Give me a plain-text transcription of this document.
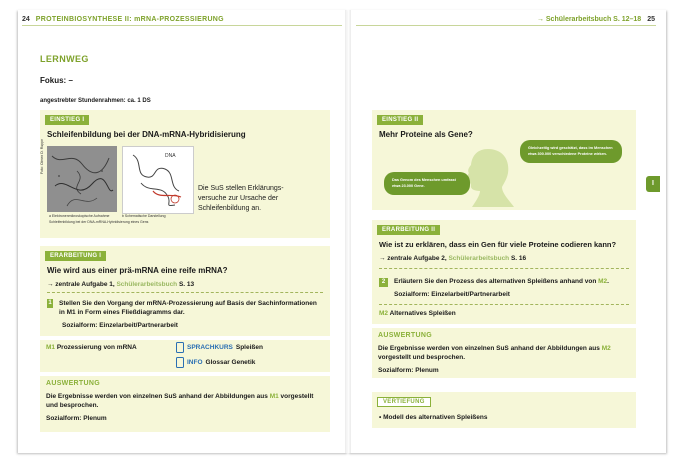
24 PROTEINBIOSYNTHESE II: mRNA-PROZESSIERUNG	→ Schülerarbeitsbuch S. 12–18 25
LERNWEG
Fokus: –
angestrebter Stundenrahmen: ca. 1 DS
EINSTIEG I
Schleifenbildung bei der DNA-mRNA-Hybridisierung
Foto: Olmen D. Ruppe	DNA
a Elektronenmikroskopische Aufnahme	b Schematische Darstellung
Schleifenbildung bei der DNA-mRNA-Hybridisierung eines Gens
Die SuS stellen Erklärungsversuche zur Ursache der Schleifenbildung an.
ERARBEITUNG I
Wie wird aus einer prä-mRNA eine reife mRNA?
→ zentrale Aufgabe 1, Schülerarbeitsbuch S. 13
1 Stellen Sie den Vorgang der mRNA-Prozessierung auf Basis der Sachinformationen in M1 in Form eines Fließdiagramms dar.
Sozialform: Einzelarbeit/Partnerarbeit
M1 Prozessierung von mRNA	SPRACHKURS Spleißen
INFO Glossar Genetik
AUSWERTUNG
Die Ergebnisse werden von einzelnen SuS anhand der Abbildungen aus M1 vorgestellt und besprochen.
Sozialform: Plenum
EINSTIEG II
Mehr Proteine als Gene?
Das Genom des Menschen umfasst etwa 23.000 Gene.
Gleichzeitig wird geschätzt, dass im Menschen etwa 300.000 verschiedene Proteine wirken.
I
ERARBEITUNG II
Wie ist zu erklären, dass ein Gen für viele Proteine codieren kann?
→ zentrale Aufgabe 2, Schülerarbeitsbuch S. 16
2	Erläutern Sie den Prozess des alternativen Spleißens anhand von M2.
Sozialform: Einzelarbeit/Partnerarbeit
M2 Alternatives Spleißen
AUSWERTUNG
Die Ergebnisse werden von einzelnen SuS anhand der Abbildungen aus M2 vorgestellt und besprochen.
Sozialform: Plenum
VERTIEFUNG
• Modell des alternativen Spleißens
